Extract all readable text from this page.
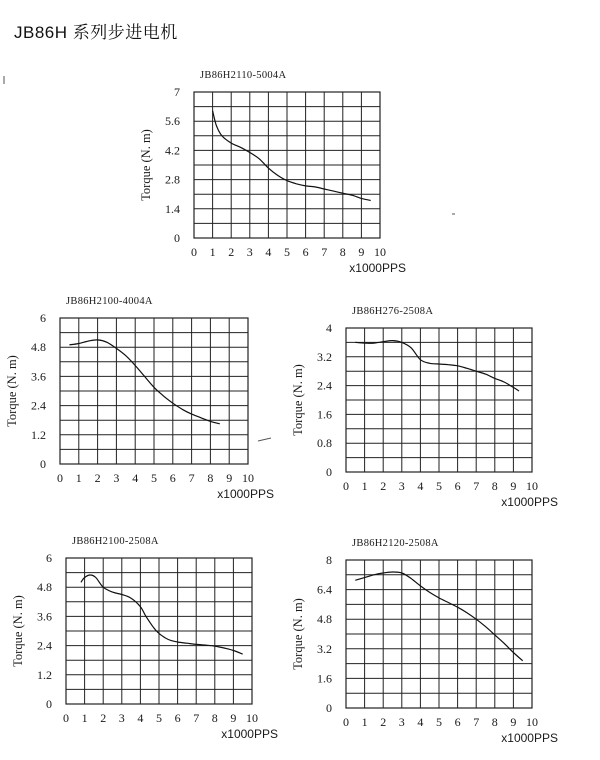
JB86H 系列步进电机
JB86H2110-5004A
0 1 2 3 4 5 6 7 8 9 10
0
1.4
2.8
4.2
5.6
7
Torque (N. m)
x1000PPS
JB86H2100-4004A
0 1 2 3 4 5 6 7 8 9 10
0
1.2
2.4
3.6
4.8
6
Torque (N. m)
x1000PPS
JB86H276-2508A
0 1 2 3 4 5 6 7 8 9 10
0
0.8
1.6
2.4
3.2
4
Torque (N. m)
x1000PPS
JB86H2100-2508A
0 1 2 3 4 5 6 7 8 9 10
0
1.2
2.4
3.6
4.8
6
Torque (N. m)
x1000PPS
JB86H2120-2508A
0 1 2 3 4 5 6 7 8 9 10
0
1.6
3.2
4.8
6.4
8
Torque (N. m)
x1000PPS
